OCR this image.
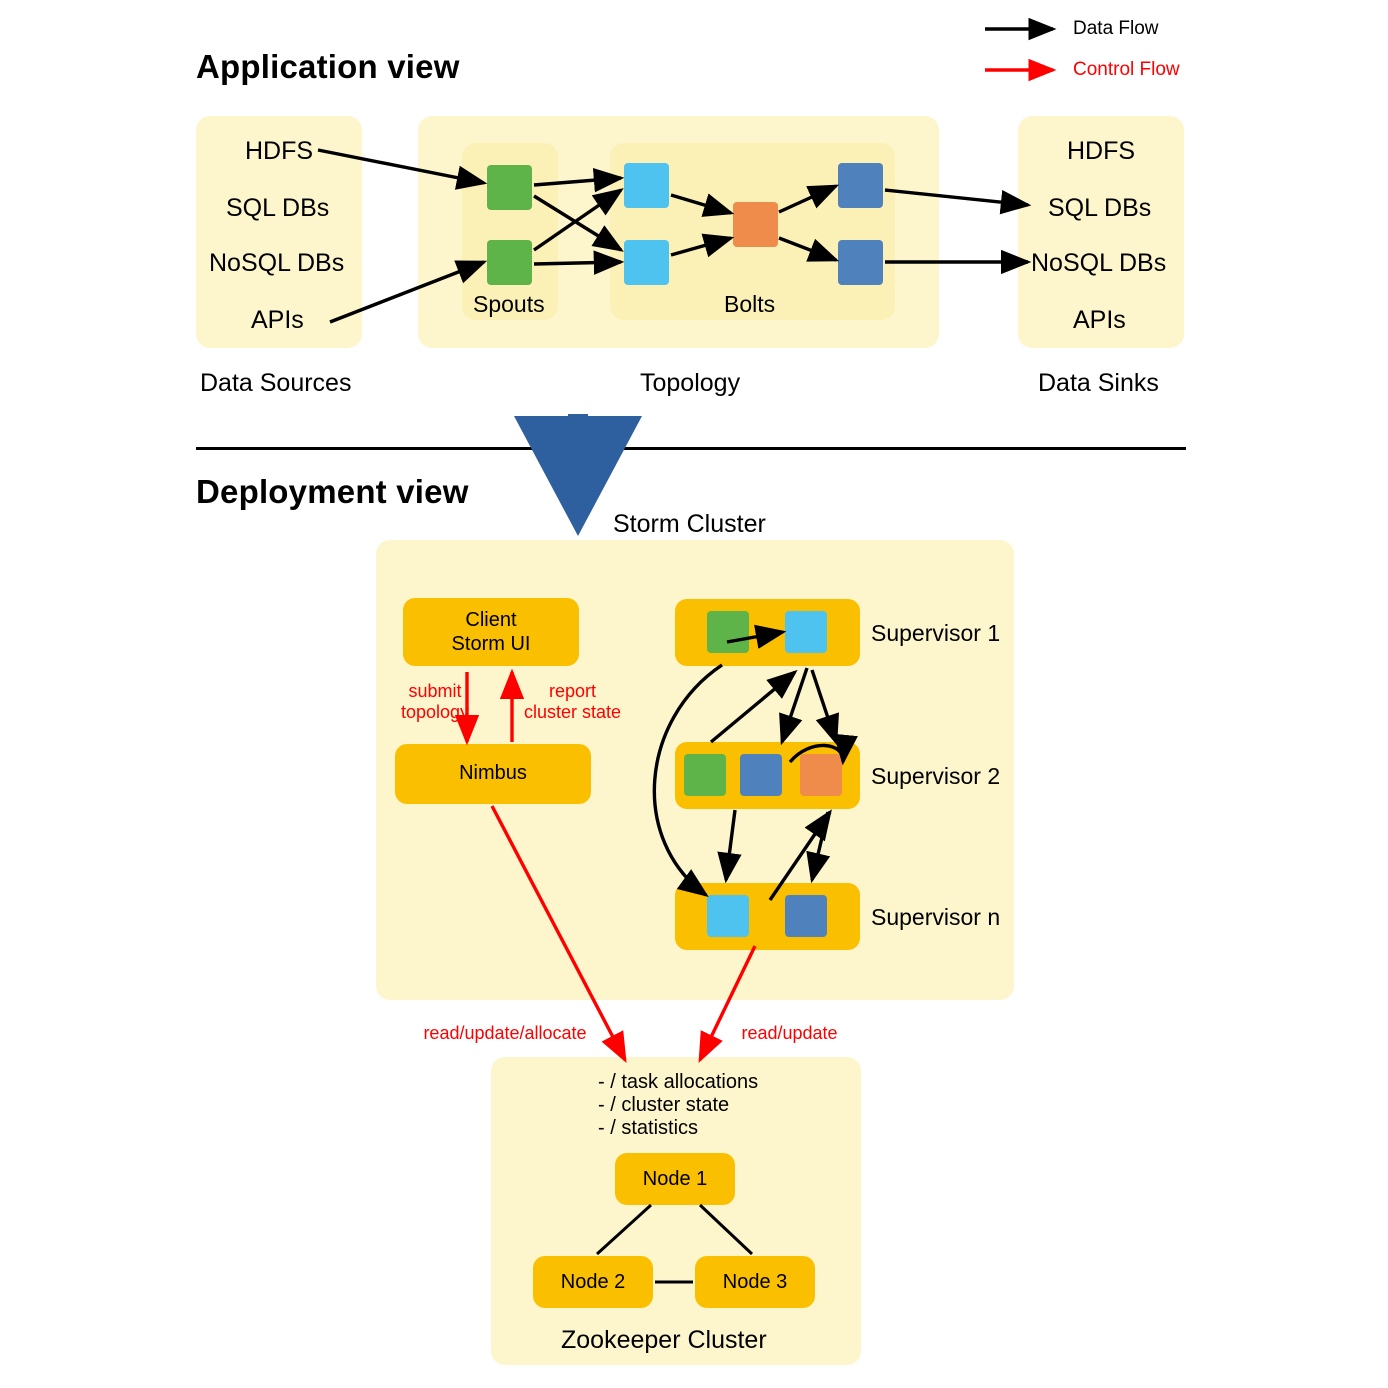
Data Flow
Control Flow
Application view
HDFS
SQL DBs
NoSQL DBs
APIs
Data Sources
Spouts	Bolts
Topology
HDFS
SQL DBs
NoSQL DBs
APIs
Data Sinks
Deployment view
Storm Cluster
Client
Storm UI
Nimbus
submit
topology
report
cluster state
Supervisor 1
Supervisor 2
Supervisor n
read/update/allocate	read/update
- / task allocations
- / cluster state
- / statistics
Node 1
Node 2	Node 3
Zookeeper Cluster
